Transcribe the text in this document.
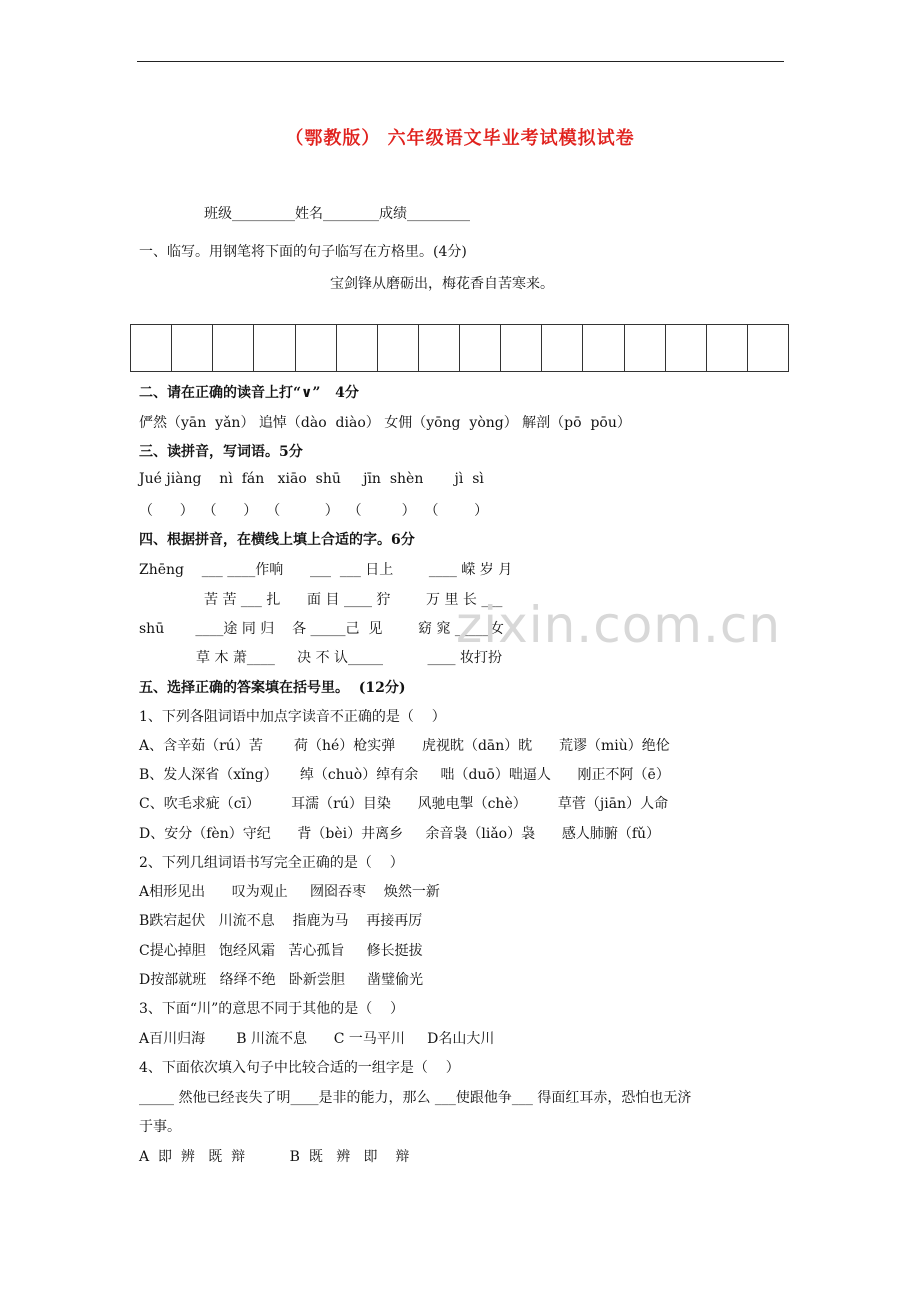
（鄂教版） 六年级语文毕业考试模拟试卷
班级_________姓名________成绩_________
一、临写。用钢笔将下面的句子临写在方格里。(4分)
宝剑锋从磨砺出，梅花香自苦寒来。
二、请在正确的读音上打“∨”   4分
俨然（yān  yǎn） 追悼（dào  diào） 女佣（yōng  yòng） 解剖（pō  pōu）
三、读拼音，写词语。5分
Jué jiàng    nì  fán   xiāo  shū     jīn  shèn       jì  sì
（      ）  （      ）  （          ）  （         ）  （        ）
四、根据拼音，在横线上填上合适的字。6分
Zhēng    ___ ____作响      ___  ___ 日上        ____ 嵘 岁 月
苦 苦 ___ 扎      面 目 ____ 狞        万 里 长 ___
shū       ____途 同 归    各 _____己  见        窈 窕 _____女
草 木 萧____     决 不 认_____          ____ 妆打扮
zixin.com.cn
五、选择正确的答案填在括号里。  (12分)
1、下列各阻词语中加点字读音不正确的是（    ）
A、含辛茹（rú）苦       荷（hé）枪实弹      虎视眈（dān）眈      荒谬（miù）绝伦
B、发人深省（xǐng）     绰（chuò）绰有余     咄（duō）咄逼人      刚正不阿（ē）
C、吹毛求疵（cī）       耳濡（rú）目染      风驰电掣（chè）       草菅（jiān）人命
D、安分（fèn）守纪      背（bèi）井离乡     余音袅（liǎo）袅      感人肺腑（fǔ）
2、下列几组词语书写完全正确的是（    ）
A相形见出      叹为观止     囫囵吞枣    焕然一新
B跌宕起伏   川流不息    指鹿为马    再接再厉
C提心掉胆   饱经风霜   苦心孤旨     修长挺拔
D按部就班   络绎不绝   卧新尝胆     凿璧偷光
3、下面“川”的意思不同于其他的是（    ）
A百川归海       B 川流不息      C 一马平川     D名山大川
4、下面依次填入句子中比较合适的一组字是（    ）
_____ 然他已经丧失了明____是非的能力，那么 ___使跟他争___ 得面红耳赤，恐怕也无济
于事。
A  即  辨   既  辩          B  既   辨   即    辩
